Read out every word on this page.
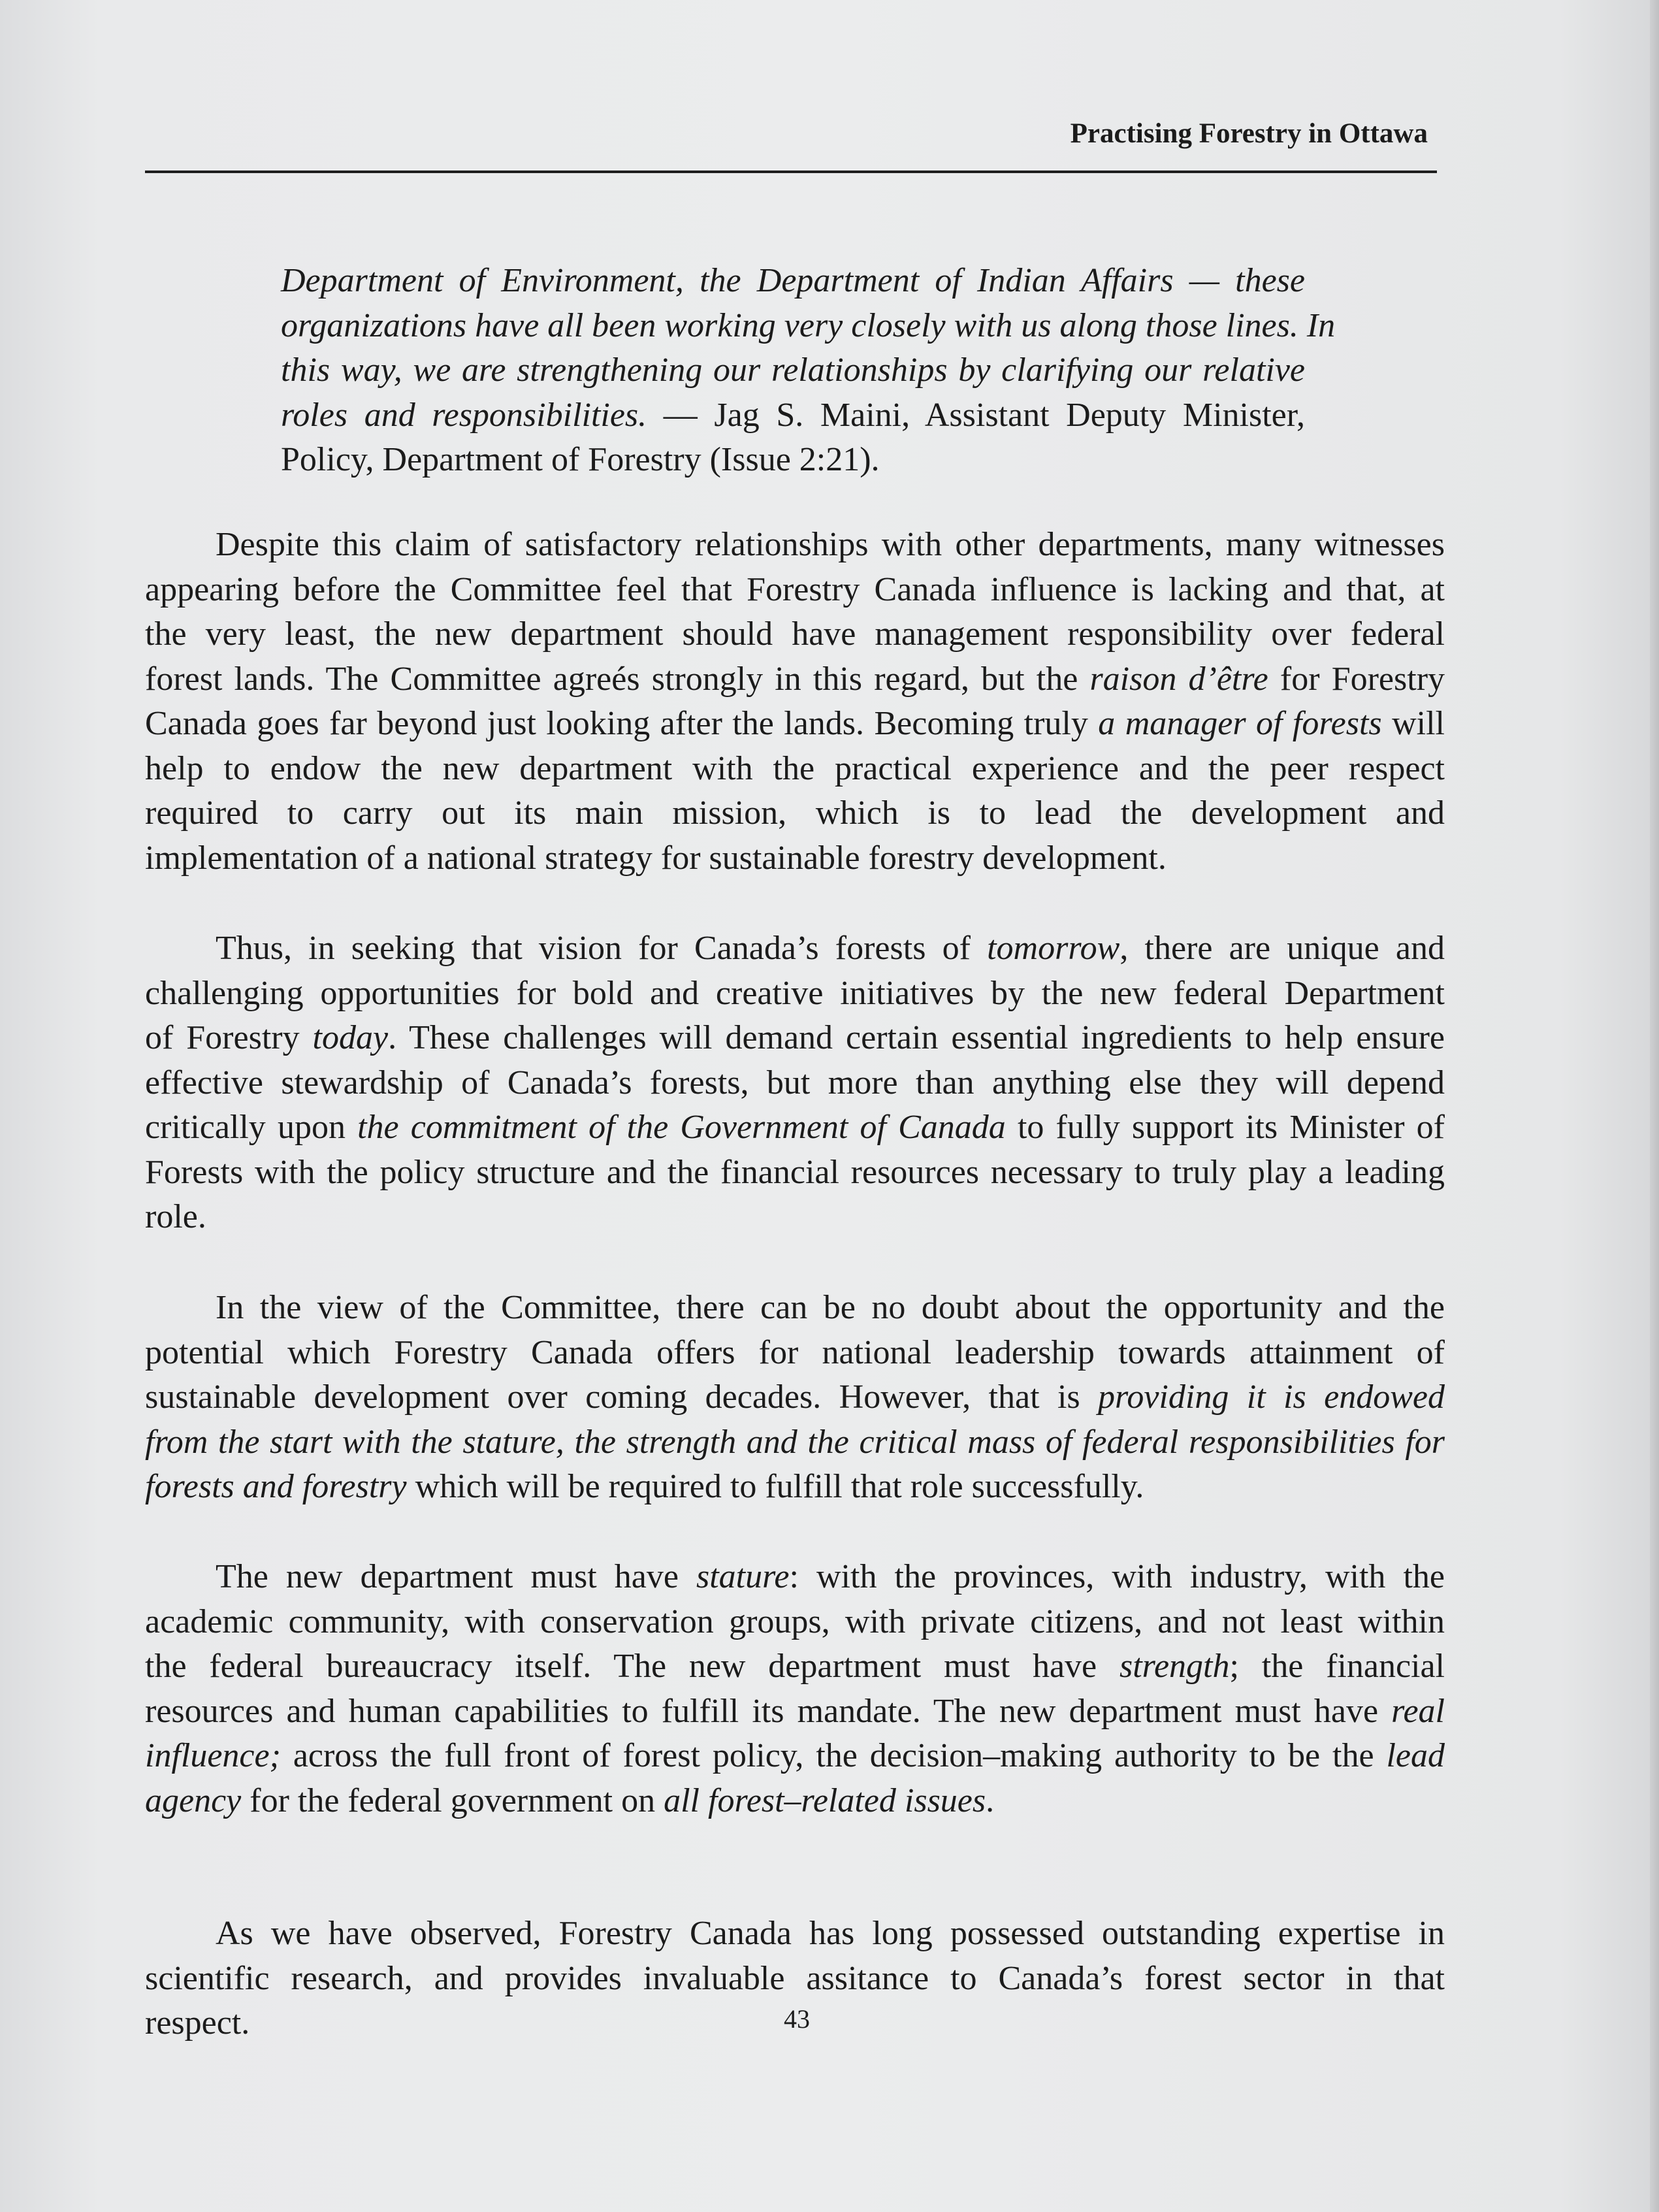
Practising Forestry in Ottawa
Department of Environment, the Department of Indian Affairs — these
organizations have all been working very closely with us along those lines. In
this way, we are strengthening our relationships by clarifying our relative
roles and responsibilities. — Jag S. Maini, Assistant Deputy Minister,
Policy, Department of Forestry (Issue 2:21).
Despite this claim of satisfactory relationships with other departments, many witnesses
appearing before the Committee feel that Forestry Canada influence is lacking and that, at
the very least, the new department should have management responsibility over federal
forest lands. The Committee agreés strongly in this regard, but the raison d’être for Forestry
Canada goes far beyond just looking after the lands. Becoming truly a manager of forests will
help to endow the new department with the practical experience and the peer respect
required to carry out its main mission, which is to lead the development and
implementation of a national strategy for sustainable forestry development.
Thus, in seeking that vision for Canada’s forests of tomorrow, there are unique and
challenging opportunities for bold and creative initiatives by the new federal Department
of Forestry today. These challenges will demand certain essential ingredients to help ensure
effective stewardship of Canada’s forests, but more than anything else they will depend
critically upon the commitment of the Government of Canada to fully support its Minister of
Forests with the policy structure and the financial resources necessary to truly play a leading
role.
In the view of the Committee, there can be no doubt about the opportunity and the
potential which Forestry Canada offers for national leadership towards attainment of
sustainable development over coming decades. However, that is providing it is endowed
from the start with the stature, the strength and the critical mass of federal responsibilities for
forests and forestry which will be required to fulfill that role successfully.
The new department must have stature: with the provinces, with industry, with the
academic community, with conservation groups, with private citizens, and not least within
the federal bureaucracy itself. The new department must have strength; the financial
resources and human capabilities to fulfill its mandate. The new department must have real
influence; across the full front of forest policy, the decision–making authority to be the lead
agency for the federal government on all forest–related issues.
As we have observed, Forestry Canada has long possessed outstanding expertise in
scientific research, and provides invaluable assitance to Canada’s forest sector in that
respect.	43
